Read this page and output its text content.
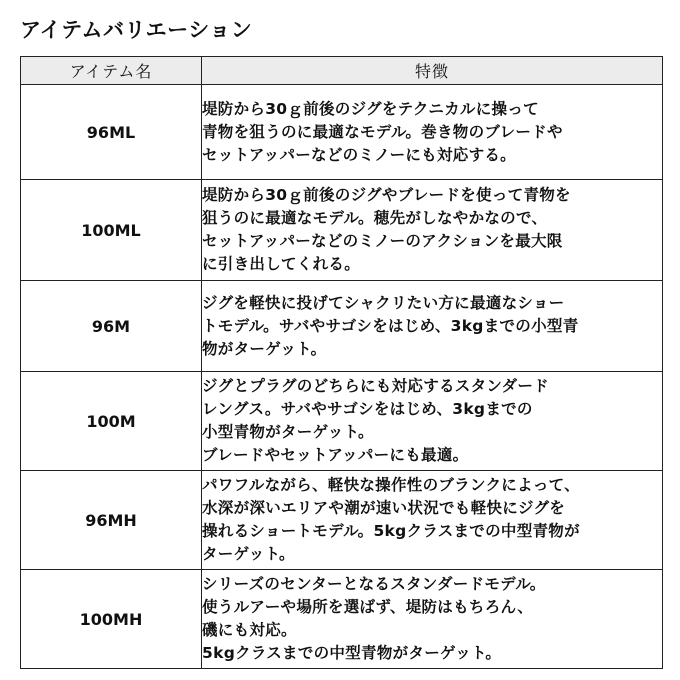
アイテムバリエーション
アイテム名	特徴
96ML	堤防から30ｇ前後のジグをテクニカルに操って
青物を狙うのに最適なモデル。巻き物のブレードや
セットアッパーなどのミノーにも対応する。

100ML	堤防から30ｇ前後のジグやブレードを使って青物を
狙うのに最適なモデル。穂先がしなやかなので、
セットアッパーなどのミノーのアクションを最大限
に引き出してくれる。

96M	ジグを軽快に投げてシャクリたい方に最適なショー
トモデル。サバやサゴシをはじめ、3kgまでの小型青
物がターゲット。

100M	ジグとプラグのどちらにも対応するスタンダード
レングス。サバやサゴシをはじめ、3kgまでの
小型青物がターゲット。
ブレードやセットアッパーにも最適。

96MH	パワフルながら、軽快な操作性のブランクによって、
水深が深いエリアや潮が速い状況でも軽快にジグを
操れるショートモデル。5kgクラスまでの中型青物が
ターゲット。

100MH	シリーズのセンターとなるスタンダードモデル。
使うルアーや場所を選ばず、堤防はもちろん、
磯にも対応。
5kgクラスまでの中型青物がターゲット。
